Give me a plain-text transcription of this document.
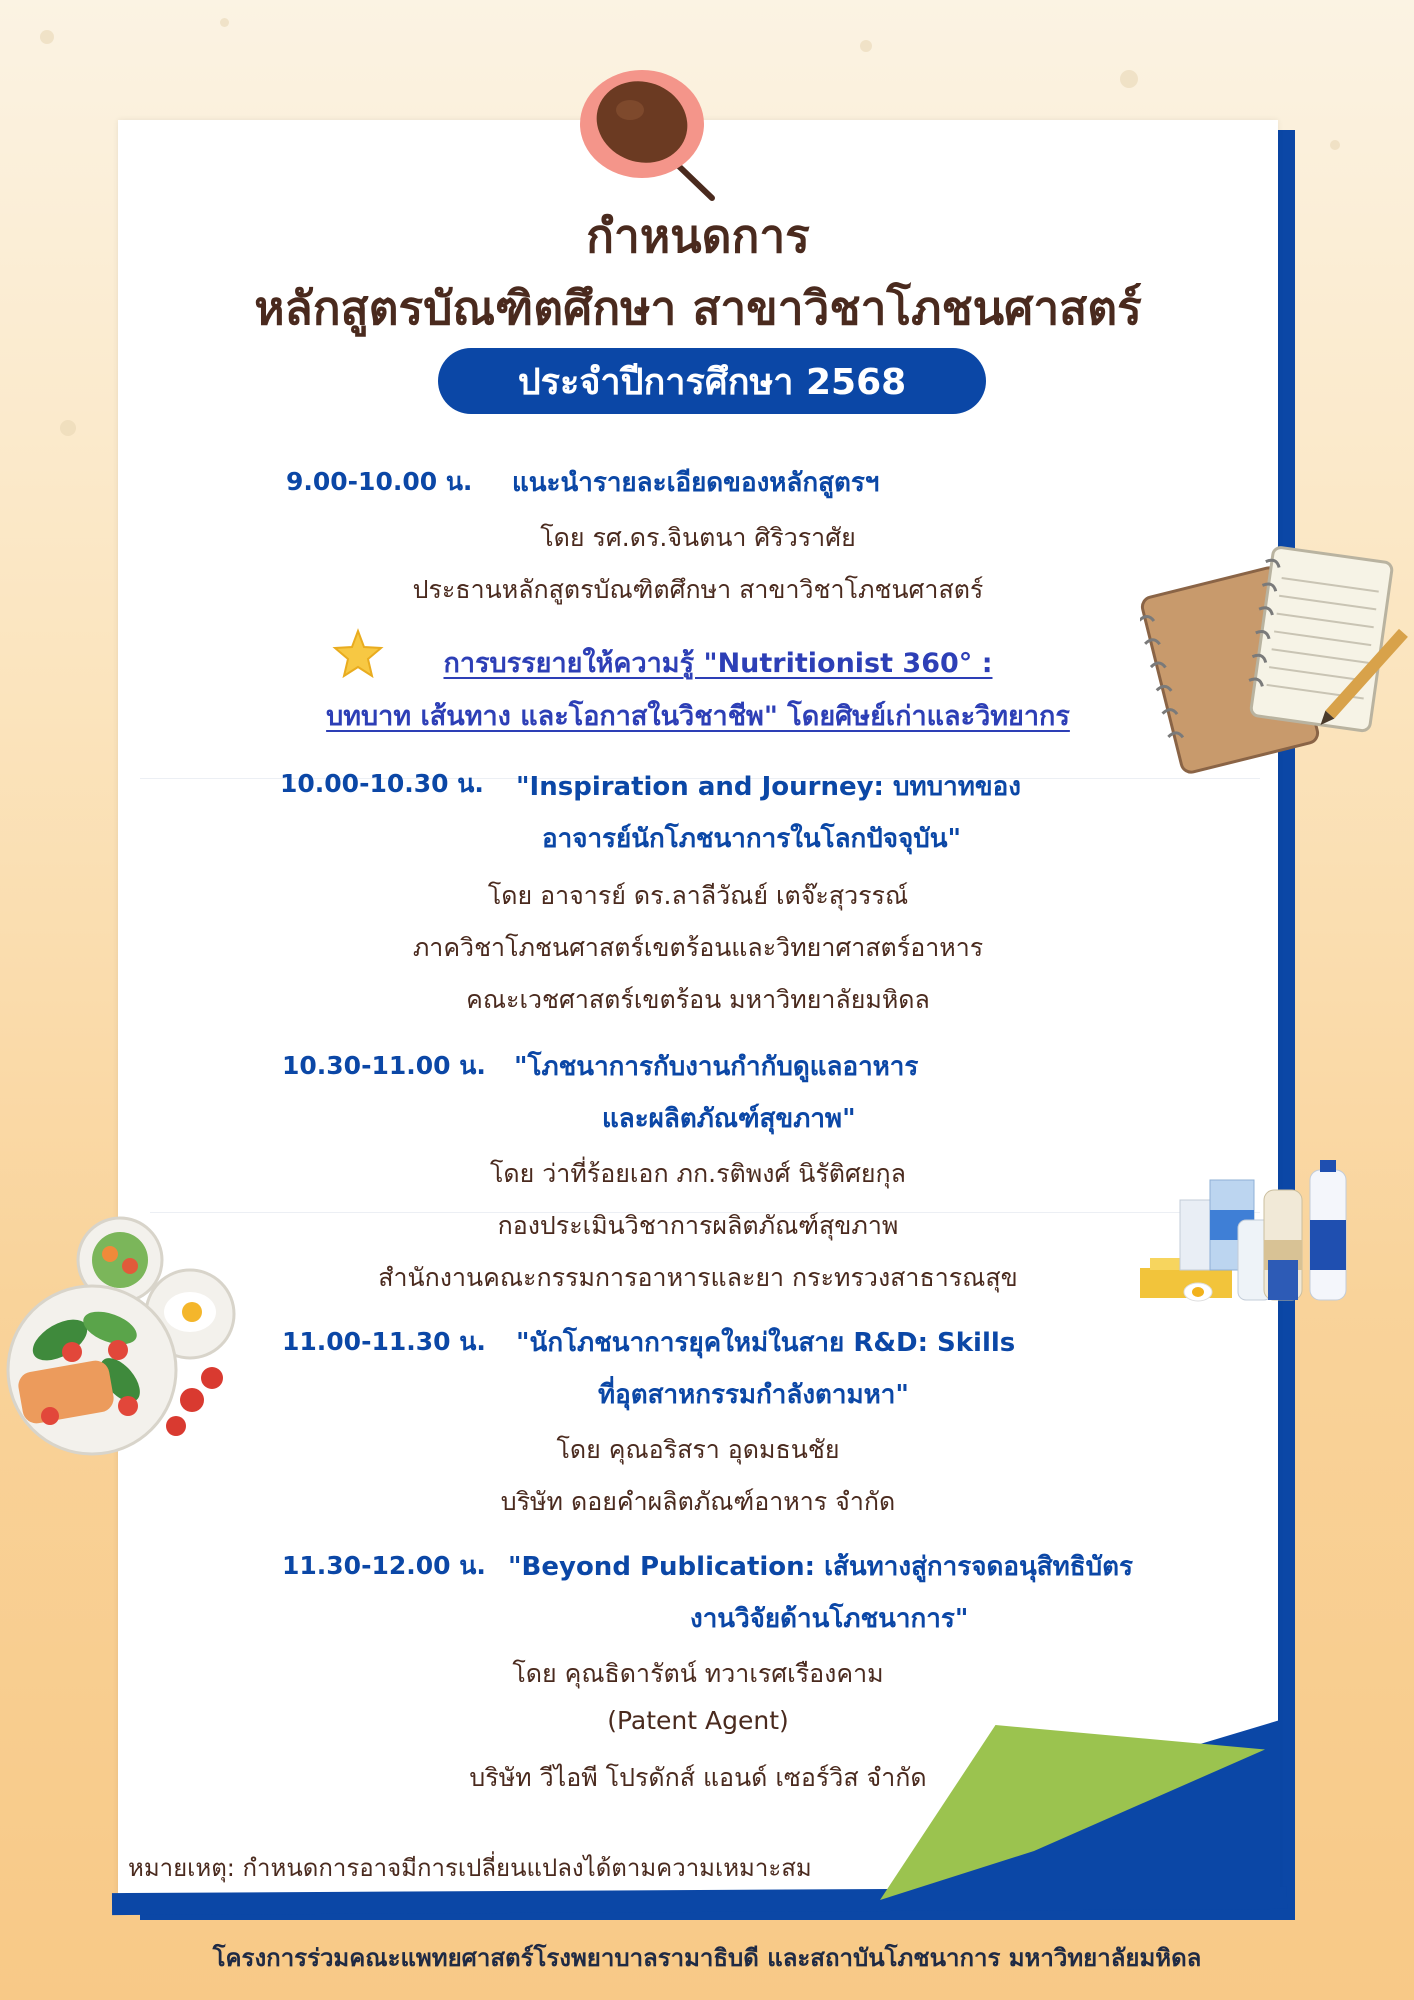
กำหนดการ
หลักสูตรบัณฑิตศึกษา สาขาวิชาโภชนศาสตร์
ประจำปีการศึกษา 2568
9.00-10.00 น. แนะนำรายละเอียดของหลักสูตรฯ
โดย รศ.ดร.จินตนา ศิริวราศัย
ประธานหลักสูตรบัณฑิตศึกษา สาขาวิชาโภชนศาสตร์
การบรรยายให้ความรู้ "Nutritionist 360° :
บทบาท เส้นทาง และโอกาสในวิชาชีพ" โดยศิษย์เก่าและวิทยากร
10.00-10.30 น. "Inspiration and Journey: บทบาทของ
อาจารย์นักโภชนาการในโลกปัจจุบัน"
โดย อาจารย์ ดร.ลาลีวัณย์ เตจ๊ะสุวรรณ์
ภาควิชาโภชนศาสตร์เขตร้อนและวิทยาศาสตร์อาหาร
คณะเวชศาสตร์เขตร้อน มหาวิทยาลัยมหิดล
10.30-11.00 น. "โภชนาการกับงานกำกับดูแลอาหาร
และผลิตภัณฑ์สุขภาพ"
โดย ว่าที่ร้อยเอก ภก.รติพงศ์ นิรัติศยกุล
กองประเมินวิชาการผลิตภัณฑ์สุขภาพ
สำนักงานคณะกรรมการอาหารและยา กระทรวงสาธารณสุข
11.00-11.30 น. "นักโภชนาการยุคใหม่ในสาย R&D: Skills
ที่อุตสาหกรรมกำลังตามหา"
โดย คุณอริสรา อุดมธนชัย
บริษัท ดอยคำผลิตภัณฑ์อาหาร จำกัด
11.30-12.00 น. "Beyond Publication: เส้นทางสู่การจดอนุสิทธิบัตร
งานวิจัยด้านโภชนาการ"
โดย คุณธิดารัตน์ ทวาเรศเรืองคาม
(Patent Agent)
บริษัท วีไอพี โปรดักส์ แอนด์ เซอร์วิส จำกัด
หมายเหตุ: กำหนดการอาจมีการเปลี่ยนแปลงได้ตามความเหมาะสม
โครงการร่วมคณะแพทยศาสตร์โรงพยาบาลรามาธิบดี และสถาบันโภชนาการ มหาวิทยาลัยมหิดล
